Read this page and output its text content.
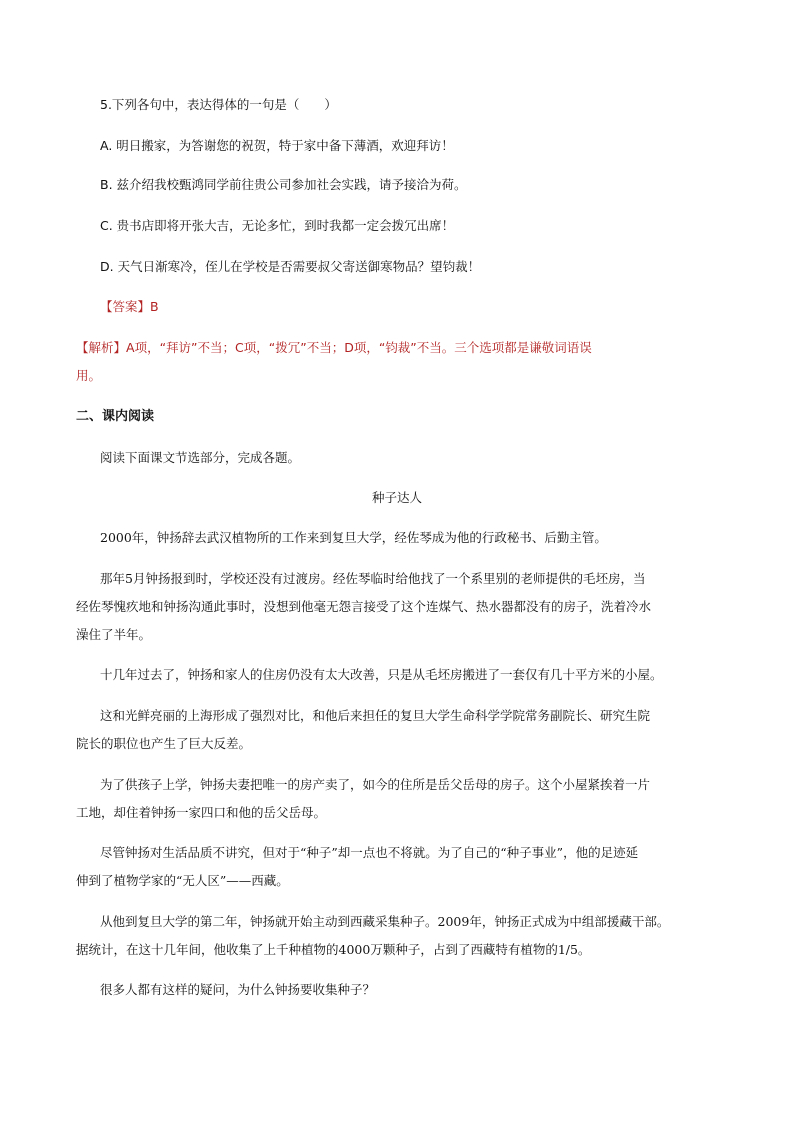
5.下列各句中，表达得体的一句是（　　）
A. 明日搬家，为答谢您的祝贺，特于家中备下薄酒，欢迎拜访！
B. 兹介绍我校甄鸿同学前往贵公司参加社会实践，请予接洽为荷。
C. 贵书店即将开张大吉，无论多忙，到时我都一定会拨冗出席！
D. 天气日渐寒冷，侄儿在学校是否需要叔父寄送御寒物品？望钧裁！
【答案】B
【解析】A项，“拜访”不当；C项，“拨冗”不当；D项，“钧裁”不当。三个选项都是谦敬词语误
用。
二、课内阅读
阅读下面课文节选部分，完成各题。
种子达人
2000年，钟扬辞去武汉植物所的工作来到复旦大学，经佐琴成为他的行政秘书、后勤主管。
那年5月钟扬报到时，学校还没有过渡房。经佐琴临时给他找了一个系里别的老师提供的毛坯房，当
经佐琴愧疚地和钟扬沟通此事时，没想到他毫无怨言接受了这个连煤气、热水器都没有的房子，洗着冷水
澡住了半年。
十几年过去了，钟扬和家人的住房仍没有太大改善，只是从毛坯房搬进了一套仅有几十平方米的小屋。
这和光鲜亮丽的上海形成了强烈对比，和他后来担任的复旦大学生命科学学院常务副院长、研究生院
院长的职位也产生了巨大反差。
为了供孩子上学，钟扬夫妻把唯一的房产卖了，如今的住所是岳父岳母的房子。这个小屋紧挨着一片
工地，却住着钟扬一家四口和他的岳父岳母。
尽管钟扬对生活品质不讲究，但对于“种子”却一点也不将就。为了自己的“种子事业”，他的足迹延
伸到了植物学家的“无人区”——西藏。
从他到复旦大学的第二年，钟扬就开始主动到西藏采集种子。2009年，钟扬正式成为中组部援藏干部。
据统计，在这十几年间，他收集了上千种植物的4000万颗种子，占到了西藏特有植物的1/5。
很多人都有这样的疑问，为什么钟扬要收集种子？
